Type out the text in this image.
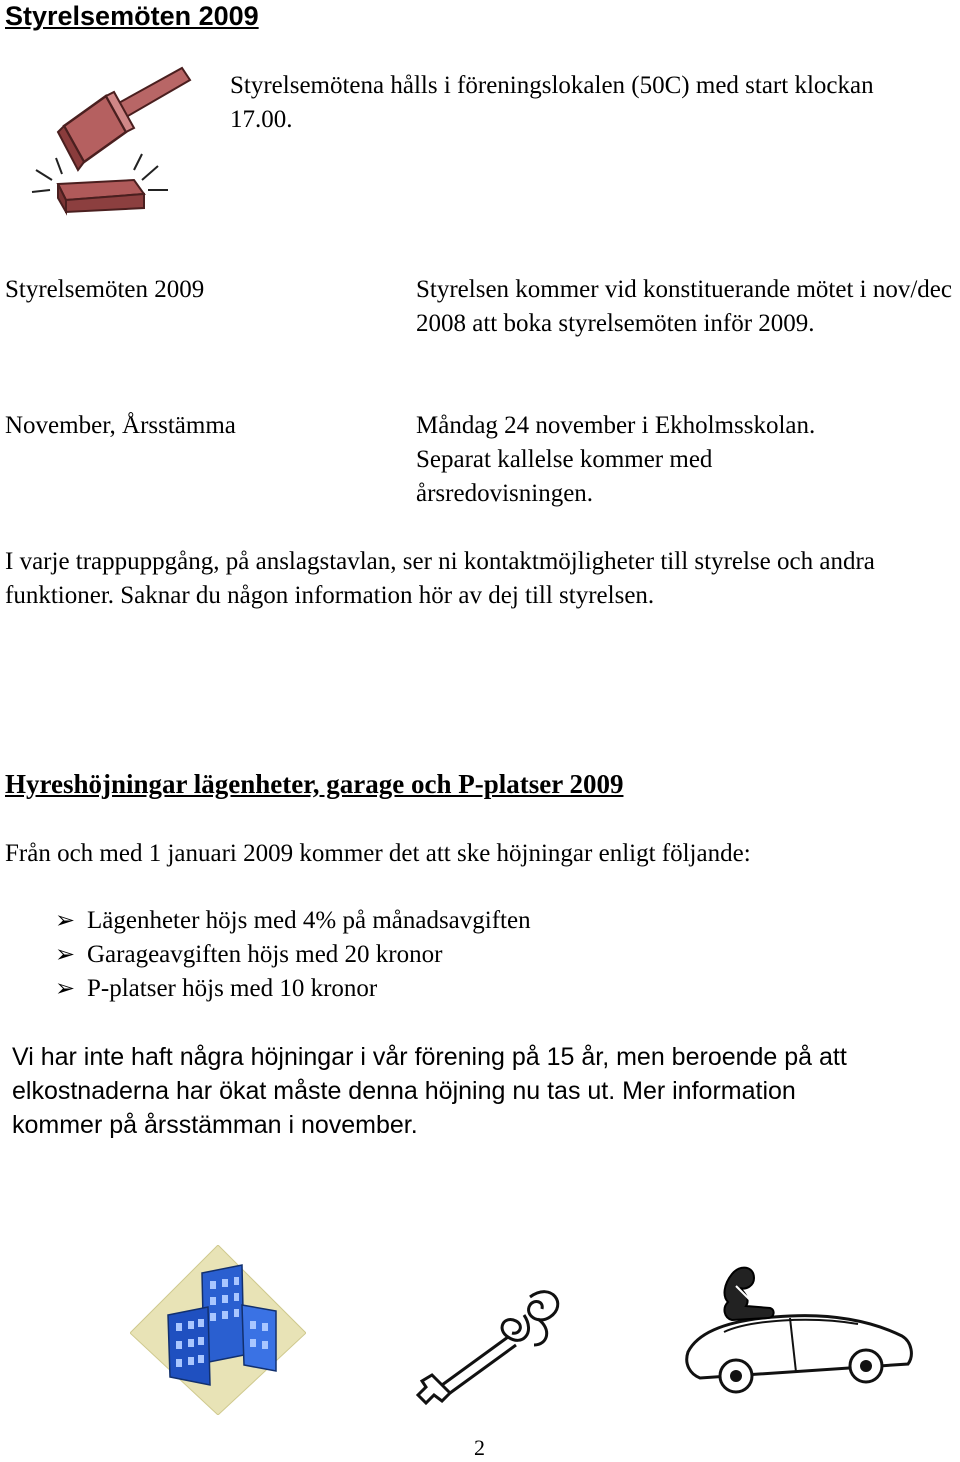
Styrelsemöten 2009
Styrelsemötena hålls i föreningslokalen (50C) med start klockan 17.00.
Styrelsemöten 2009	Styrelsen kommer vid konstituerande mötet i nov/dec 2008 att boka styrelsemöten inför 2009.
November, Årsstämma	Måndag 24 november i Ekholmsskolan. Separat kallelse kommer med årsredovisningen.
I varje trappuppgång, på anslagstavlan, ser ni kontaktmöjligheter till styrelse och andra funktioner. Saknar du någon information hör av dej till styrelsen.
Hyreshöjningar lägenheter, garage och P-platser 2009
Från och med 1 januari 2009 kommer det att ske höjningar enligt följande:
➢ Lägenheter höjs med 4% på månadsavgiften
➢ Garageavgiften höjs med 20 kronor
➢ P-platser höjs med 10 kronor
Vi har inte haft några höjningar i vår förening på 15 år, men beroende på att elkostnaderna har ökat måste denna höjning nu tas ut. Mer information kommer på årsstämman i november.
2
